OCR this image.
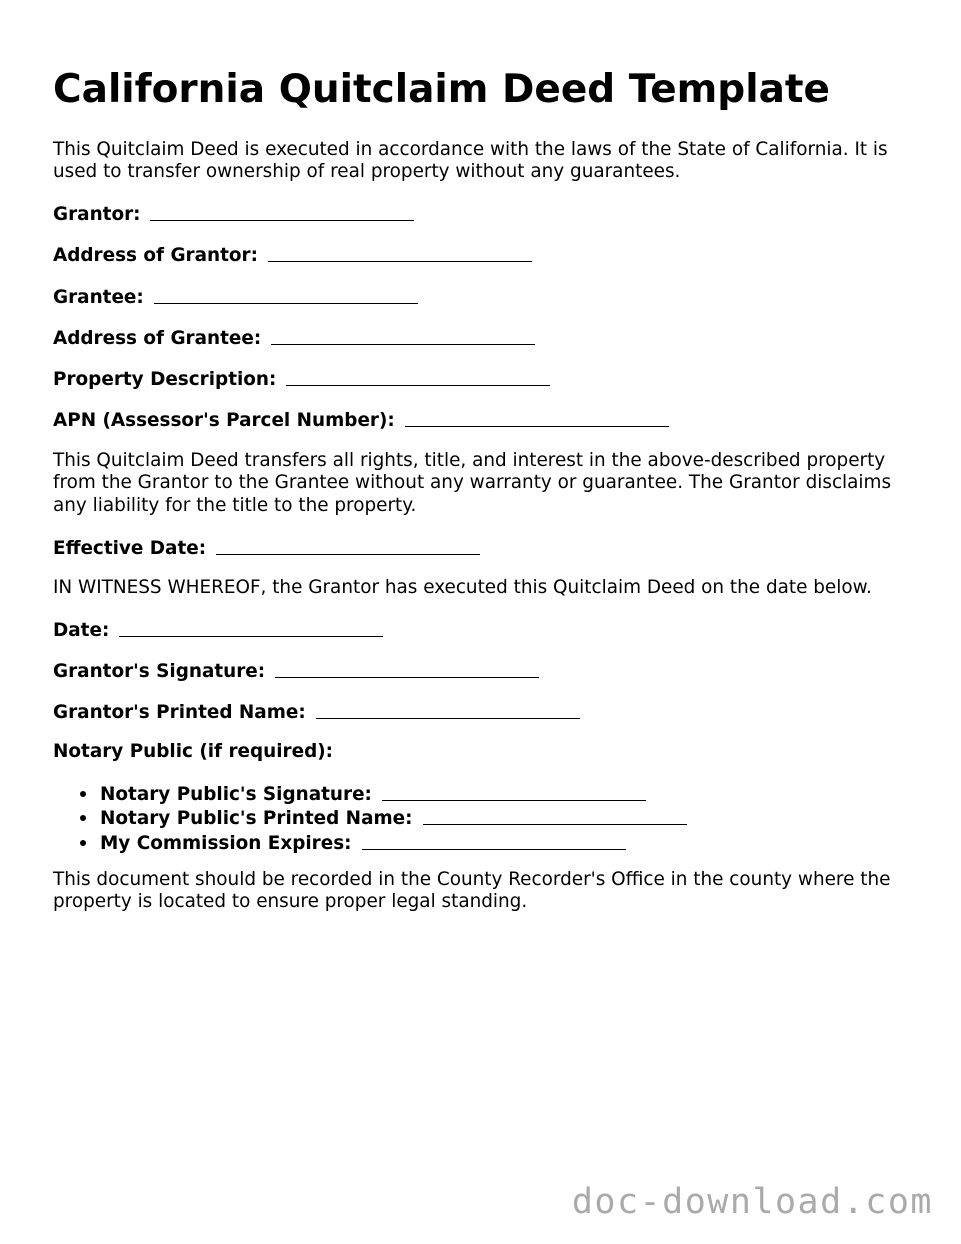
California Quitclaim Deed Template

This Quitclaim Deed is executed in accordance with the laws of the State of California. It is used to transfer ownership of real property without any guarantees.

Grantor:
Address of Grantor:
Grantee:
Address of Grantee:
Property Description:
APN (Assessor's Parcel Number):

This Quitclaim Deed transfers all rights, title, and interest in the above-described property from the Grantor to the Grantee without any warranty or guarantee. The Grantor disclaims any liability for the title to the property.

Effective Date:

IN WITNESS WHEREOF, the Grantor has executed this Quitclaim Deed on the date below.

Date:
Grantor's Signature:
Grantor's Printed Name:
Notary Public (if required):
Notary Public's Signature:
Notary Public's Printed Name:
My Commission Expires:

This document should be recorded in the County Recorder's Office in the county where the property is located to ensure proper legal standing.

doc-download.com
